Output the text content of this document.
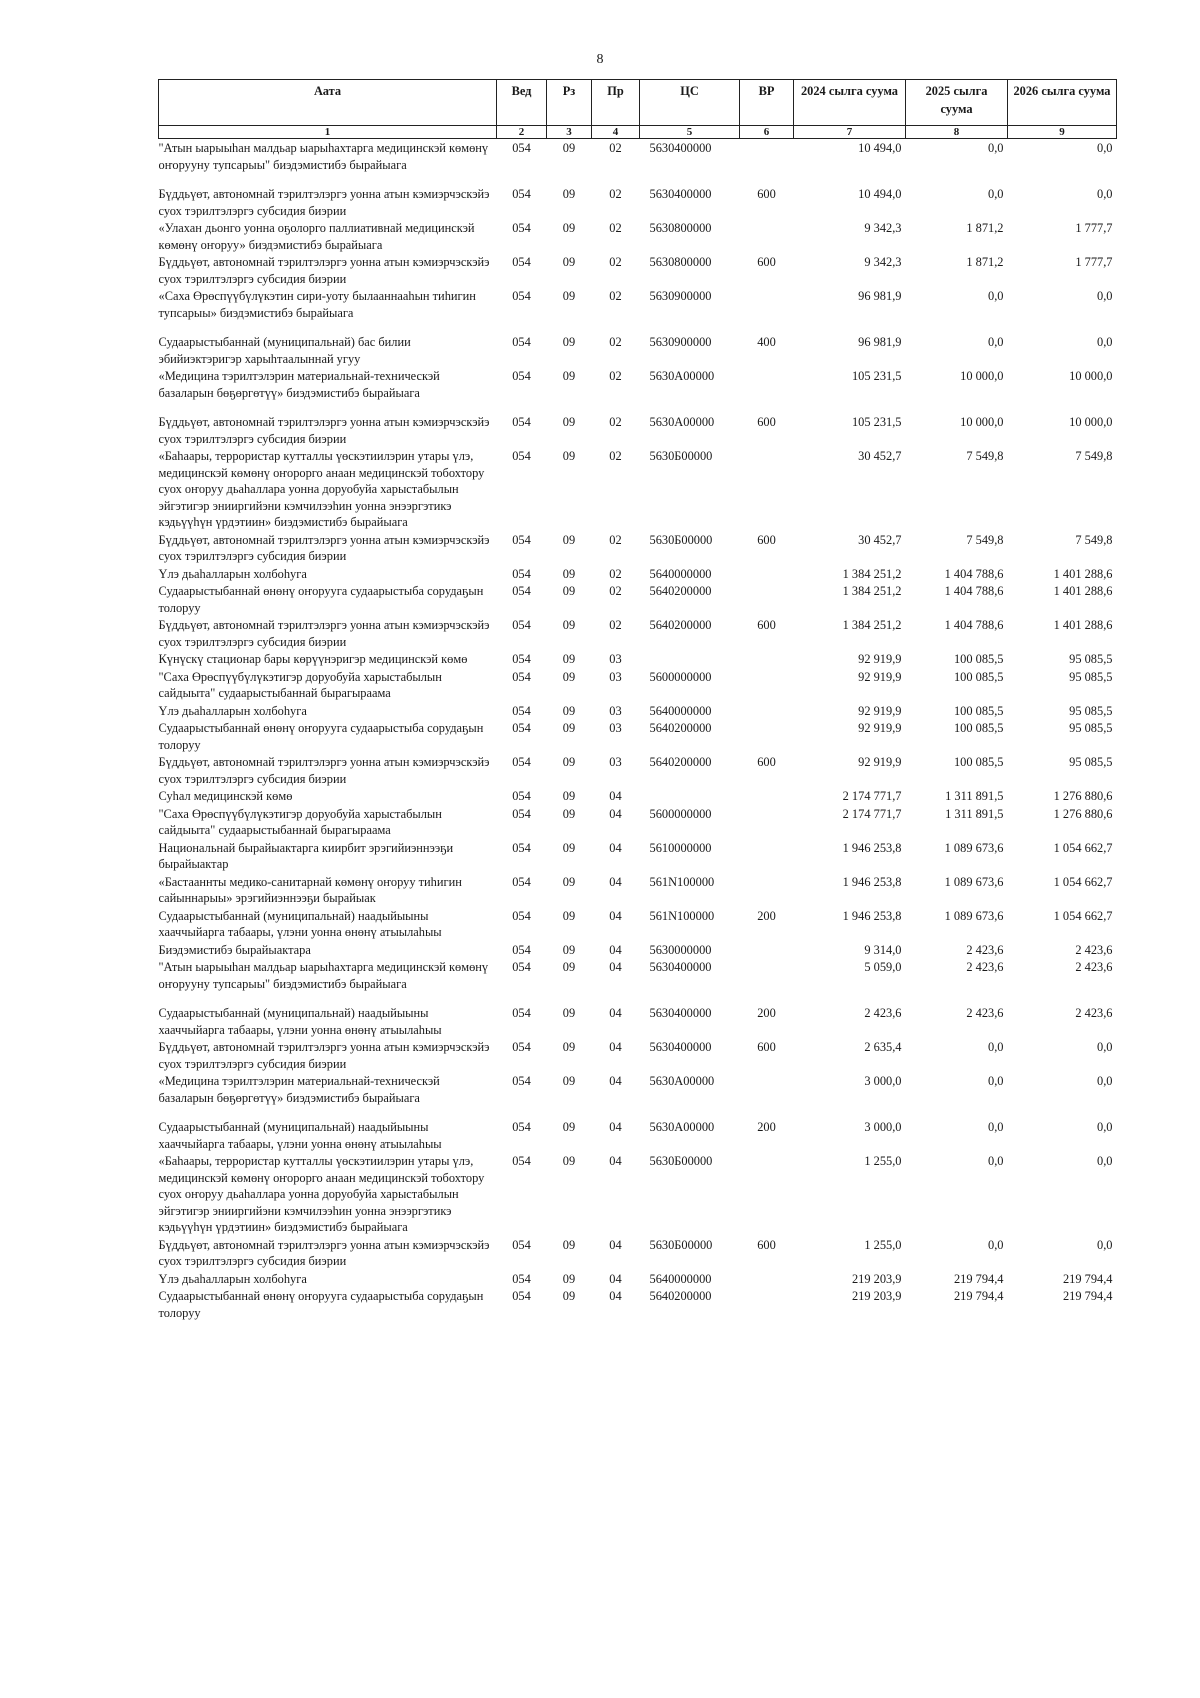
8
Аата	Вед	Рз	Пр	ЦС	ВР	2024 сылга суума	2025 сылга суума	2026 сылга суума
1	2	3	4	5	6	7	8	9
"Атын ыарыыһан малдьар ыарыһахтарга медицинскэй көмөнү оҥорууну тупсарыы" биэдэмистибэ бырайыага	054	09	02	5630400000		10 494,0	0,0	0,0

Бүддьүөт, автономнай тэрилтэлэргэ уонна атын кэмиэрчэскэйэ суох тэрилтэлэргэ субсидия биэрии	054	09	02	5630400000	600	10 494,0	0,0	0,0
«Улахан дьонго уонна оҕолорго паллиативнай медицинскэй көмөнү оҥоруу» биэдэмистибэ бырайыага	054	09	02	5630800000		9 342,3	1 871,2	1 777,7
Бүддьүөт, автономнай тэрилтэлэргэ уонна атын кэмиэрчэскэйэ суох тэрилтэлэргэ субсидия биэрии	054	09	02	5630800000	600	9 342,3	1 871,2	1 777,7
«Саха Өрөспүүбүлүкэтин сири-уоту былааннааһын тиһигин тупсарыы» биэдэмистибэ бырайыага	054	09	02	5630900000		96 981,9	0,0	0,0

Судаарыстыбаннай (муниципальнай) бас билии эбийиэктэригэр харыһтаалыннай угуу	054	09	02	5630900000	400	96 981,9	0,0	0,0
«Медицина тэрилтэлэрин материальнай-техническэй базаларын бөҕөргөтүү» биэдэмистибэ бырайыага	054	09	02	5630А00000		105 231,5	10 000,0	10 000,0

Бүддьүөт, автономнай тэрилтэлэргэ уонна атын кэмиэрчэскэйэ суох тэрилтэлэргэ субсидия биэрии	054	09	02	5630А00000	600	105 231,5	10 000,0	10 000,0
«Баһаары, террористар кутталлы үөскэтиилэрин утары үлэ, медицинскэй көмөнү оҥорорго анаан медицинскэй тобохтору суох оҥоруу дьаһаллара уонна доруобуйа харыстабылын эйгэтигэр энииргийэни кэмчилээһин уонна энээргэтикэ кэдьүүһүн үрдэтиин» биэдэмистибэ бырайыага	054	09	02	5630Б00000		30 452,7	7 549,8	7 549,8
Бүддьүөт, автономнай тэрилтэлэргэ уонна атын кэмиэрчэскэйэ суох тэрилтэлэргэ субсидия биэрии	054	09	02	5630Б00000	600	30 452,7	7 549,8	7 549,8
Үлэ дьаһалларын холбоһуга	054	09	02	5640000000		1 384 251,2	1 404 788,6	1 401 288,6
Судаарыстыбаннай өнөнү оҥорууга судаарыстыба сорудаҕын толоруу	054	09	02	5640200000		1 384 251,2	1 404 788,6	1 401 288,6
Бүддьүөт, автономнай тэрилтэлэргэ уонна атын кэмиэрчэскэйэ суох тэрилтэлэргэ субсидия биэрии	054	09	02	5640200000	600	1 384 251,2	1 404 788,6	1 401 288,6
Күнүскү стационар бары көрүүнэригэр медицинскэй көмө	054	09	03			92 919,9	100 085,5	95 085,5
"Саха Өрөспүүбүлүкэтигэр доруобуйа харыстабылын сайдыыта" судаарыстыбаннай бырагыраама	054	09	03	5600000000		92 919,9	100 085,5	95 085,5
Үлэ дьаһалларын холбоһуга	054	09	03	5640000000		92 919,9	100 085,5	95 085,5
Судаарыстыбаннай өнөнү оҥорууга судаарыстыба сорудаҕын толоруу	054	09	03	5640200000		92 919,9	100 085,5	95 085,5
Бүддьүөт, автономнай тэрилтэлэргэ уонна атын кэмиэрчэскэйэ суох тэрилтэлэргэ субсидия биэрии	054	09	03	5640200000	600	92 919,9	100 085,5	95 085,5
Суһал медицинскэй көмө	054	09	04			2 174 771,7	1 311 891,5	1 276 880,6
"Саха Өрөспүүбүлүкэтигэр доруобуйа харыстабылын сайдыыта" судаарыстыбаннай бырагыраама	054	09	04	5600000000		2 174 771,7	1 311 891,5	1 276 880,6
Национальнай бырайыактарга киирбит эрэгийиэннээҕи бырайыактар	054	09	04	5610000000		1 946 253,8	1 089 673,6	1 054 662,7
«Бастааннты медико-санитарнай көмөнү оҥоруу тиһигин сайыннарыы» эрэгийиэннээҕи бырайыак	054	09	04	561N100000		1 946 253,8	1 089 673,6	1 054 662,7
Судаарыстыбаннай (муниципальнай) наадыйыыны хааччыйарга табаары, үлэни уонна өнөнү атыылаһыы	054	09	04	561N100000	200	1 946 253,8	1 089 673,6	1 054 662,7
Биэдэмистибэ бырайыактара	054	09	04	5630000000		9 314,0	2 423,6	2 423,6
"Атын ыарыыһан малдьар ыарыһахтарга медицинскэй көмөнү оҥорууну тупсарыы" биэдэмистибэ бырайыага	054	09	04	5630400000		5 059,0	2 423,6	2 423,6

Судаарыстыбаннай (муниципальнай) наадыйыыны хааччыйарга табаары, үлэни уонна өнөнү атыылаһыы	054	09	04	5630400000	200	2 423,6	2 423,6	2 423,6
Бүддьүөт, автономнай тэрилтэлэргэ уонна атын кэмиэрчэскэйэ суох тэрилтэлэргэ субсидия биэрии	054	09	04	5630400000	600	2 635,4	0,0	0,0
«Медицина тэрилтэлэрин материальнай-техническэй базаларын бөҕөргөтүү» биэдэмистибэ бырайыага	054	09	04	5630А00000		3 000,0	0,0	0,0

Судаарыстыбаннай (муниципальнай) наадыйыыны хааччыйарга табаары, үлэни уонна өнөнү атыылаһыы	054	09	04	5630А00000	200	3 000,0	0,0	0,0
«Баһаары, террористар кутталлы үөскэтиилэрин утары үлэ, медицинскэй көмөнү оҥорорго анаан медицинскэй тобохтору суох оҥоруу дьаһаллара уонна доруобуйа харыстабылын эйгэтигэр энииргийэни кэмчилээһин уонна энээргэтикэ кэдьүүһүн үрдэтиин» биэдэмистибэ бырайыага	054	09	04	5630Б00000		1 255,0	0,0	0,0
Бүддьүөт, автономнай тэрилтэлэргэ уонна атын кэмиэрчэскэйэ суох тэрилтэлэргэ субсидия биэрии	054	09	04	5630Б00000	600	1 255,0	0,0	0,0
Үлэ дьаһалларын холбоһуга	054	09	04	5640000000		219 203,9	219 794,4	219 794,4
Судаарыстыбаннай өнөнү оҥорууга судаарыстыба сорудаҕын толоруу	054	09	04	5640200000		219 203,9	219 794,4	219 794,4
